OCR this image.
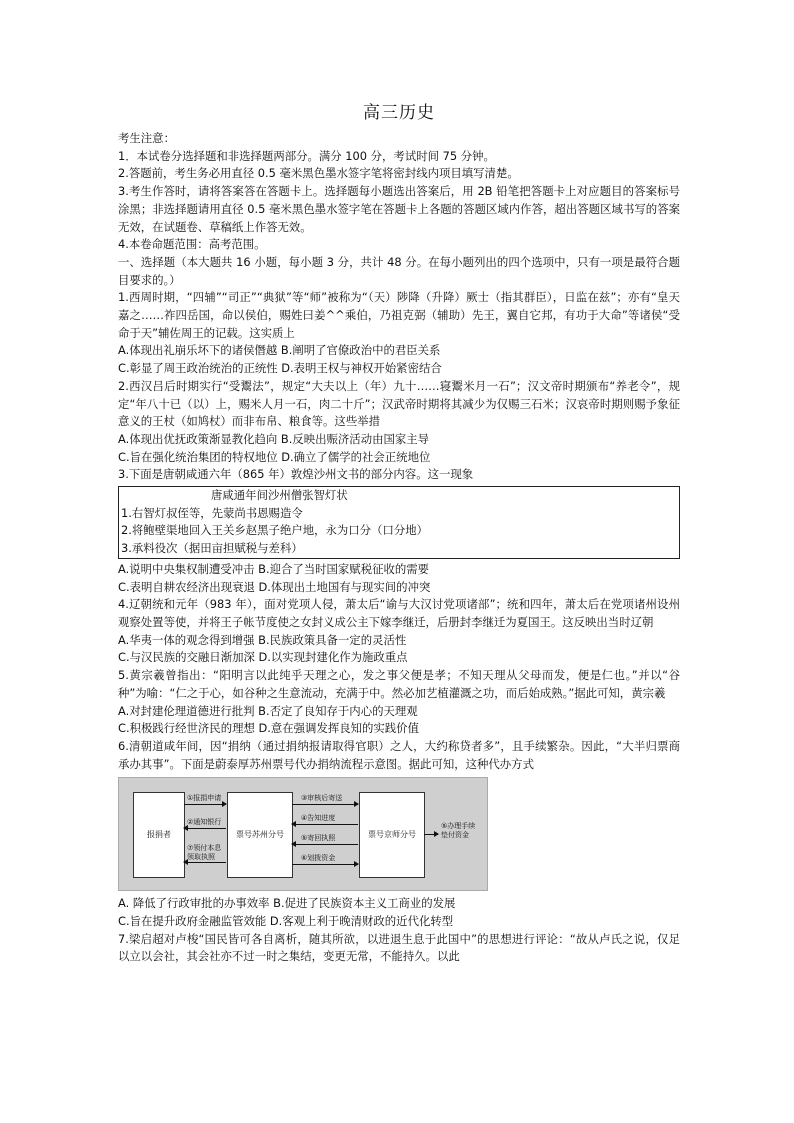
高三历史

考生注意：

1．本试卷分选择题和非选择题两部分。满分 100 分，考试时间 75 分钟。

2.答题前，考生务必用直径 0.5 毫米黑色墨水签字笔将密封线内项目填写清楚。

3.考生作答时，请将答案答在答题卡上。选择题每小题选出答案后，用 2B 铅笔把答题卡上对应题目的答案标号涂黑；非选择题请用直径 0.5 毫米黑色墨水签字笔在答题卡上各题的答题区域内作答，超出答题区域书写的答案无效，在试题卷、草稿纸上作答无效。

4.本卷命题范围：高考范围。

一、选择题（本大题共 16 小题，每小题 3 分，共计 48 分。在每小题列出的四个选项中，只有一项是最符合题目要求的。）

1.西周时期，“四辅”“司正”“典狱”等“师”被称为“（天）陟降（升降）厥士（指其群臣），日监在兹”；亦有“皇天嘉之……祚四岳国，命以侯伯，赐姓曰姜^^乘伯，乃祖克弼（辅助）先王，翼自它邦，有功于大命”等诸侯“受命于天”辅佐周王的记载。这实质上

A.体现出礼崩乐坏下的诸侯僭越 B.阐明了官僚政治中的君臣关系

C.彰显了周王政治统治的正统性 D.表明王权与神权开始紧密结合

2.西汉吕后时期实行“受鬻法”，规定“大夫以上（年）九十……寝鬻米月一石”；汉文帝时期颁布“养老令”，规定“年八十已（以）上，赐米人月一石，肉二十斤”；汉武帝时期将其减少为仅赐三石米；汉哀帝时期则赐予象征意义的王杖（如鸠杖）而非布帛、粮食等。这些举措

A.体现出优抚政策渐显教化趋向 B.反映出赈济活动由国家主导

C.旨在强化统治集团的特权地位 D.确立了儒学的社会正统地位

3.下面是唐朝咸通六年（865 年）敦煌沙州文书的部分内容。这一现象

唐咸通年间沙州僧张智灯状
1.右智灯叔侄等，先蒙尚书恩赐造令
2.将鲍壁渠地回入王关乡赵黑子绝户地，永为口分（口分地）
3.承料役次（据田亩担赋税与差科）

A.说明中央集权制遭受冲击 B.迎合了当时国家赋税征收的需要

C.表明自耕农经济出现衰退 D.体现出土地国有与现实间的冲突

4.辽朝统和元年（983 年），面对党项人侵，萧太后“谕与大汉讨党项诸部”；统和四年，萧太后在党项诸州设州观察处置等使，并将王子帐节度使之女封义成公主下嫁李继迁，后册封李继迁为夏国王。这反映出当时辽朝

A.华夷一体的观念得到增强 B.民族政策具备一定的灵活性

C.与汉民族的交融日渐加深 D.以实现封建化作为施政重点

5.黄宗羲曾指出：“阳明言以此纯乎天理之心，发之事父便是孝；不知天理从父母而发，便是仁也。”并以“谷种”为喻：“仁之于心，如谷种之生意流动，充满于中。然必加艺植灌溉之功，而后始成熟。”据此可知，黄宗羲

A.对封建伦理道德进行批判 B.否定了良知存于内心的天理观

C.积极践行经世济民的理想 D.意在强调发挥良知的实践价值

6.清朝道咸年间，因“捐纳（通过捐纳报请取得官职）之人，大约称贷者多”，且手续繁杂。因此，“大半归票商承办其事”。下面是蔚泰厚苏州票号代办捐纳流程示意图。据此可知，这种代办方式

报捐者	票号苏州分号	票号京师分号
①报捐申请
②通知银行
⑦领付本息 领取执照
③审核后寄送
④告知进度
⑤寄回执照
⑥划拨资金
⑤办理手续 垫付资金

A. 降低了行政审批的办事效率 B.促进了民族资本主义工商业的发展

C.旨在提升政府金融监管效能 D.客观上利于晚清财政的近代化转型

7.梁启超对卢梭“国民皆可各自离析，随其所欲，以进退生息于此国中”的思想进行评论：“故从卢氏之说，仅足以立以会社，其会社亦不过一时之集结，变更无常，不能持久。以此
